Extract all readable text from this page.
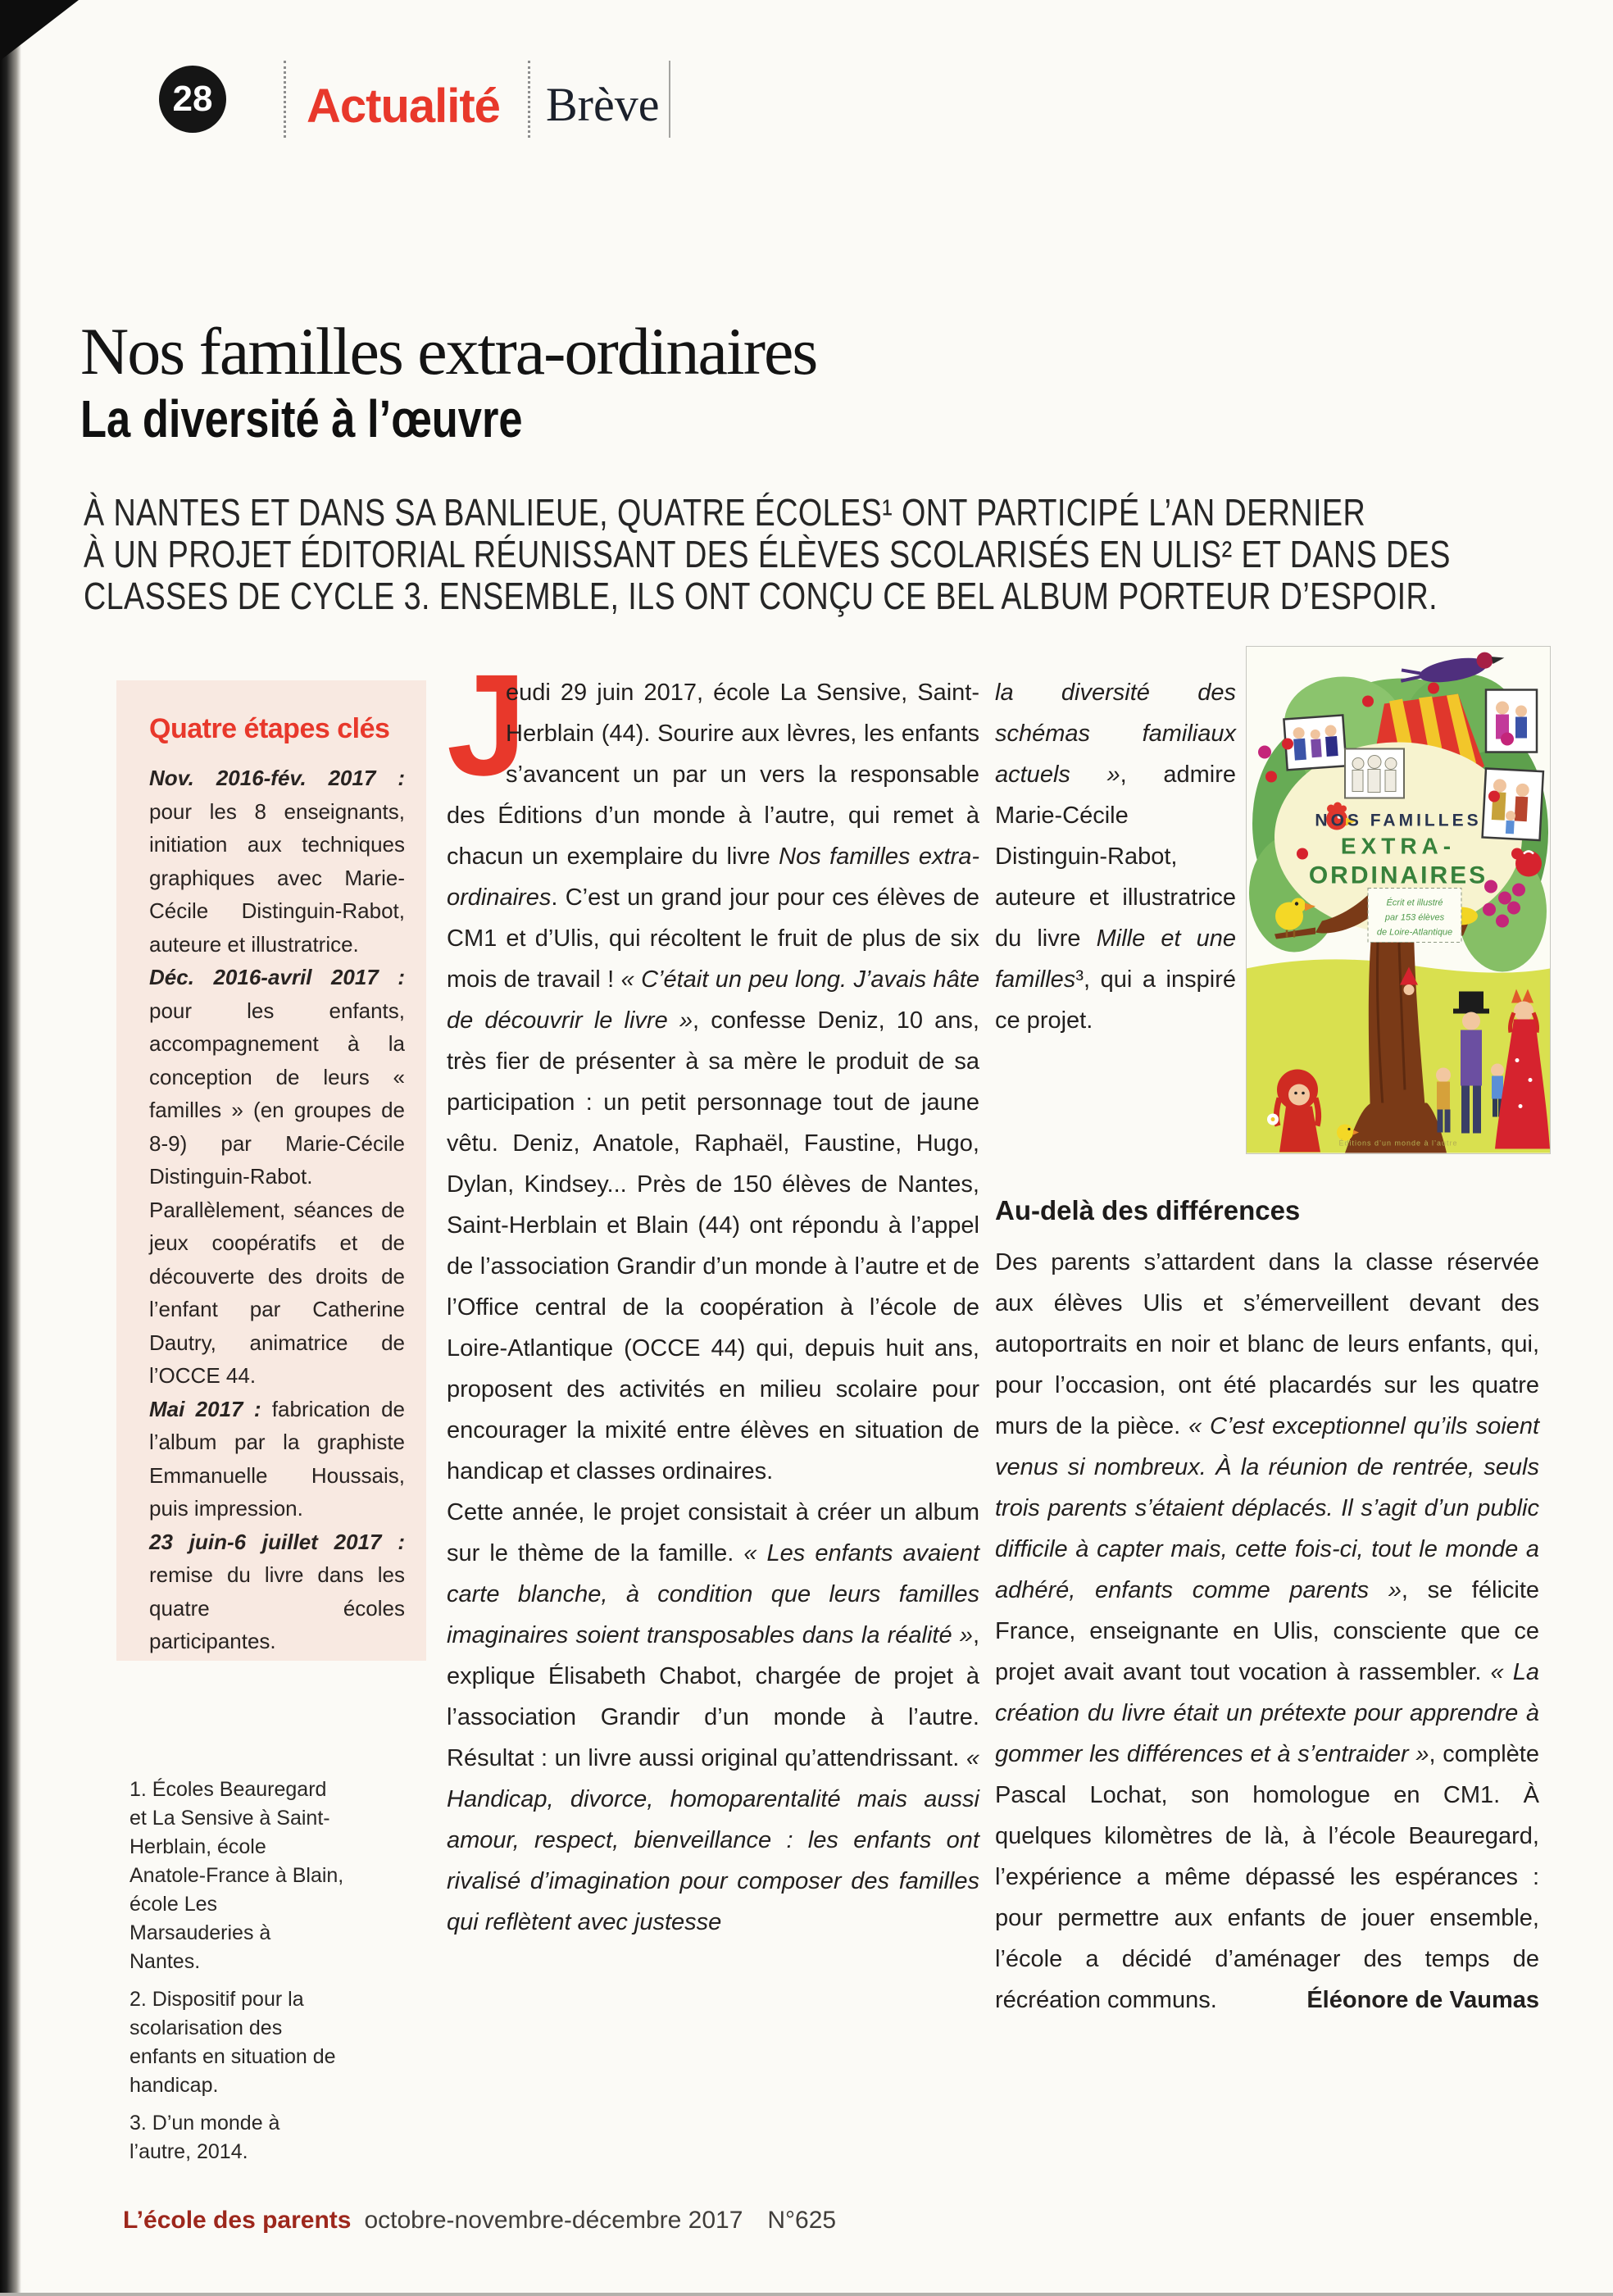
28 Actualité Brève
Nos familles extra-ordinaires
La diversité à l’œuvre
À NANTES ET DANS SA BANLIEUE, QUATRE ÉCOLES¹ ONT PARTICIPÉ L’AN DERNIER
À UN PROJET ÉDITORIAL RÉUNISSANT DES ÉLÈVES SCOLARISÉS EN ULIS² ET DANS DES
CLASSES DE CYCLE 3. ENSEMBLE, ILS ONT CONÇU CE BEL ALBUM PORTEUR D’ESPOIR.
Quatre étapes clés

Nov. 2016-fév. 2017 : pour les 8 enseignants, initiation aux techniques graphiques avec Marie-Cécile Distinguin-Rabot, auteure et illustratrice.

Déc. 2016-avril 2017 : pour les enfants, accompagnement à la conception de leurs « familles » (en groupes de 8-9) par Marie-Cécile Distinguin-Rabot. Parallèlement, séances de jeux coopératifs et de découverte des droits de l’enfant par Catherine Dautry, animatrice de l’OCCE 44.

Mai 2017 : fabrication de l’album par la graphiste Emmanuelle Houssais, puis impression.

23 juin-6 juillet 2017 : remise du livre dans les quatre écoles participantes.

J
eudi 29 juin 2017, école La Sensive, Saint-Herblain (44). Sourire aux lèvres, les enfants s’avancent un par un vers la responsable des Éditions d’un monde à l’autre, qui remet à chacun un exemplaire du livre Nos familles extra-ordinaires. C’est un grand jour pour ces élèves de CM1 et d’Ulis, qui récoltent le fruit de plus de six mois de travail ! « C’était un peu long. J’avais hâte de découvrir le livre », confesse Deniz, 10 ans, très fier de présenter à sa mère le produit de sa participation : un petit personnage tout de jaune vêtu. Deniz, Anatole, Raphaël, Faustine, Hugo, Dylan, Kindsey... Près de 150 élèves de Nantes, Saint-Herblain et Blain (44) ont répondu à l’appel de l’association Grandir d’un monde à l’autre et de l’Office central de la coopération à l’école de Loire-Atlantique (OCCE 44) qui, depuis huit ans, proposent des activités en milieu scolaire pour encourager la mixité entre élèves en situation de handicap et classes ordinaires.

Cette année, le projet consistait à créer un album sur le thème de la famille. « Les enfants avaient carte blanche, à condition que leurs familles imaginaires soient transposables dans la réalité », explique Élisabeth Chabot, chargée de projet à l’association Grandir d’un monde à l’autre. Résultat : un livre aussi original qu’attendrissant. « Handicap, divorce, homoparentalité mais aussi amour, respect, bienveillance : les enfants ont rivalisé d’imagination pour composer des familles qui reflètent avec justesse

la diversité des schémas familiaux actuels », admire Marie-Cécile Distinguin-Rabot, auteure et illustratrice du livre Mille et une familles³, qui a inspiré ce projet.

Écrit et illustré
par 153 élèves
de Loire-Atlantique
NOS FAMILLES
EXTRA-
ORDINAIRES
Éditions d’un monde à l’autre
Au-delà des différences

Des parents s’attardent dans la classe réservée aux élèves Ulis et s’émerveillent devant des autoportraits en noir et blanc de leurs enfants, qui, pour l’occasion, ont été placardés sur les quatre murs de la pièce. « C’est exceptionnel qu’ils soient venus si nombreux. À la réunion de rentrée, seuls trois parents s’étaient déplacés. Il s’agit d’un public difficile à capter mais, cette fois-ci, tout le monde a adhéré, enfants comme parents », se félicite France, enseignante en Ulis, consciente que ce projet avait avant tout vocation à rassembler. « La création du livre était un prétexte pour apprendre à gommer les différences et à s’entraider », complète Pascal Lochat, son homologue en CM1. À quelques kilomètres de là, à l’école Beauregard, l’expérience a même dépassé les espérances : pour permettre aux enfants de jouer ensemble, l’école a décidé d’aménager des temps de récréation communs.	Éléonore de Vaumas

1. Écoles Beauregard et La Sensive à Saint-Herblain, école Anatole-France à Blain, école Les Marsauderies à Nantes.

2. Dispositif pour la scolarisation des enfants en situation de handicap.

3. D’un monde à l’autre, 2014.

L’école des parents octobre-novembre-décembre 2017 N°625
